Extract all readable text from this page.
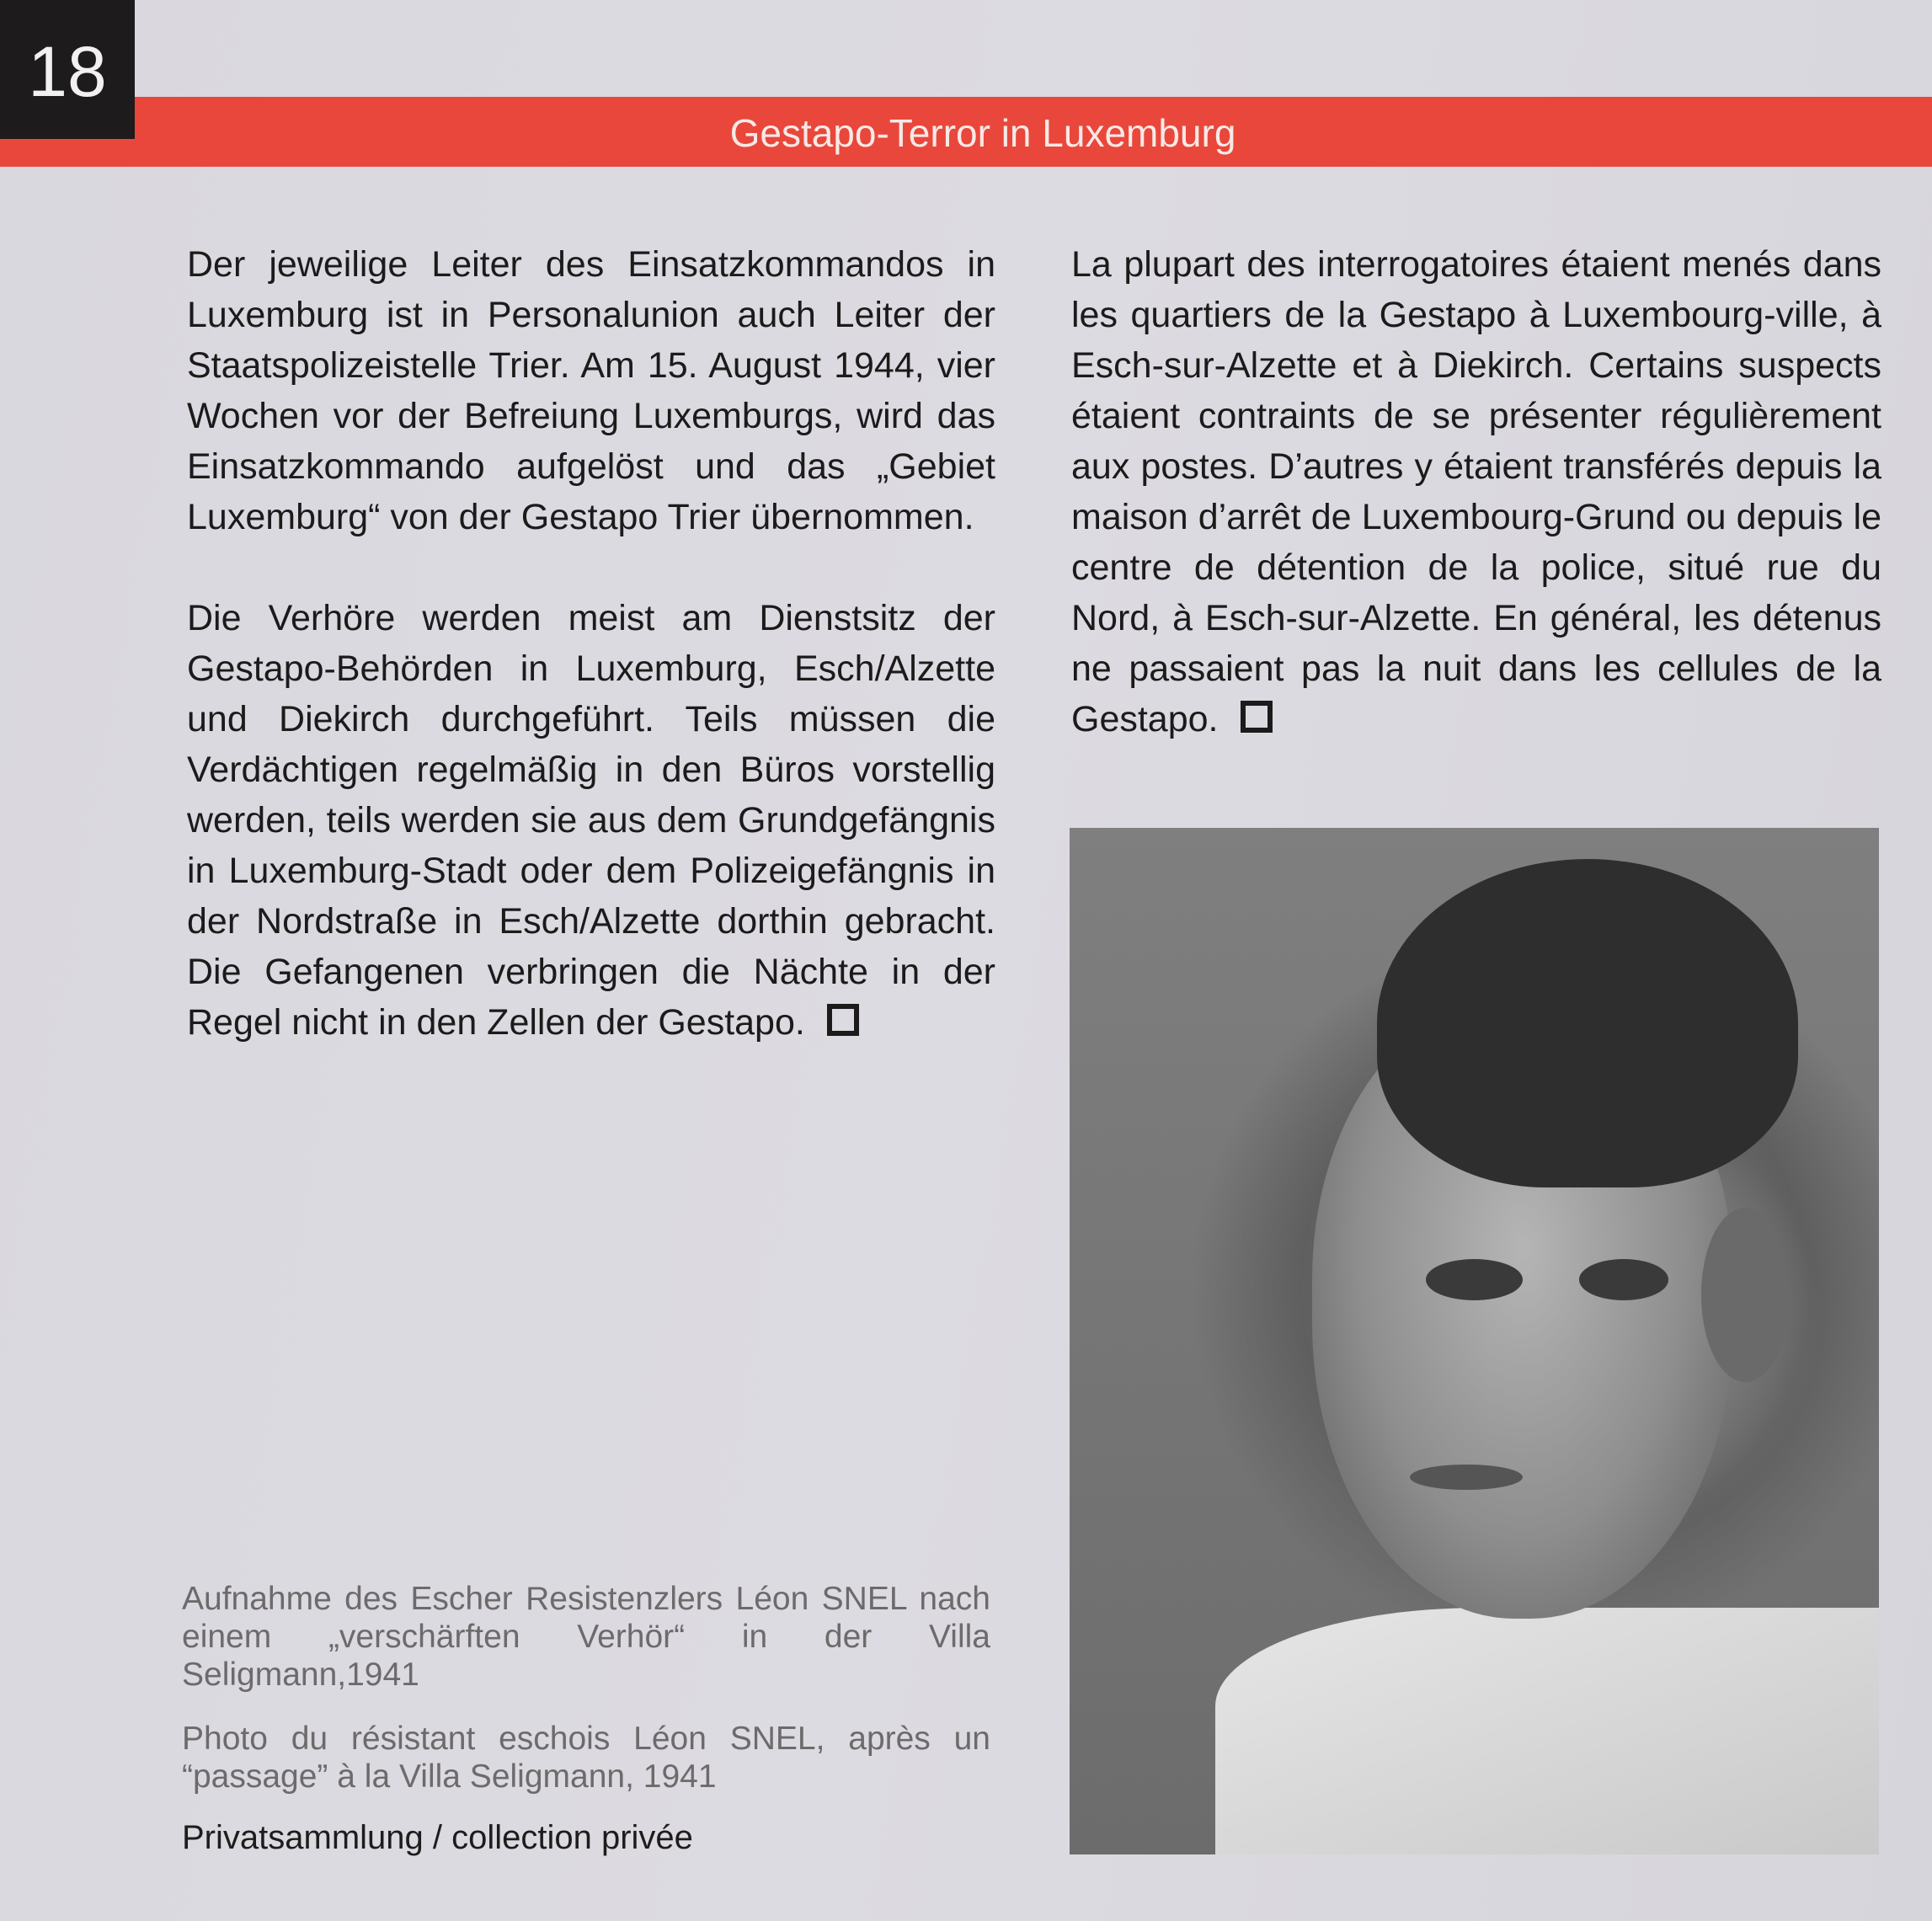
18
Gestapo-Terror in Luxemburg

Der jeweilige Leiter des Einsatzkommandos in Luxemburg ist in Personalunion auch Leiter der Staatspolizeistelle Trier. Am 15. August 1944, vier Wochen vor der Befreiung Luxemburgs, wird das Einsatzkommando aufgelöst und das „Gebiet Luxemburg“ von der Gestapo Trier übernommen.

Die Verhöre werden meist am Dienstsitz der Gestapo-Behörden in Luxemburg, Esch/Alzette und Diekirch durchgeführt. Teils müssen die Verdächtigen regelmäßig in den Büros vorstellig werden, teils werden sie aus dem Grundgefängnis in Luxemburg-Stadt oder dem Polizeigefängnis in der Nordstraße in Esch/Alzette dorthin gebracht. Die Gefangenen verbringen die Nächte in der Regel nicht in den Zellen der Gestapo.

La plupart des interrogatoires étaient menés dans les quartiers de la Gestapo à Luxembourg-ville, à Esch-sur-Alzette et à Diekirch. Certains suspects étaient contraints de se présenter régulièrement aux postes. D’autres y étaient transférés depuis la maison d’arrêt de Luxembourg-Grund ou depuis le centre de détention de la police, situé rue du Nord, à Esch-sur-Alzette. En général, les détenus ne passaient pas la nuit dans les cellules de la Gestapo.

Aufnahme des Escher Resistenzlers Léon SNEL nach einem „verschärften Verhör“ in der Villa Seligmann,1941
Photo du résistant eschois Léon SNEL, après un “passage” à la Villa Seligmann, 1941
Privatsammlung / collection privée
